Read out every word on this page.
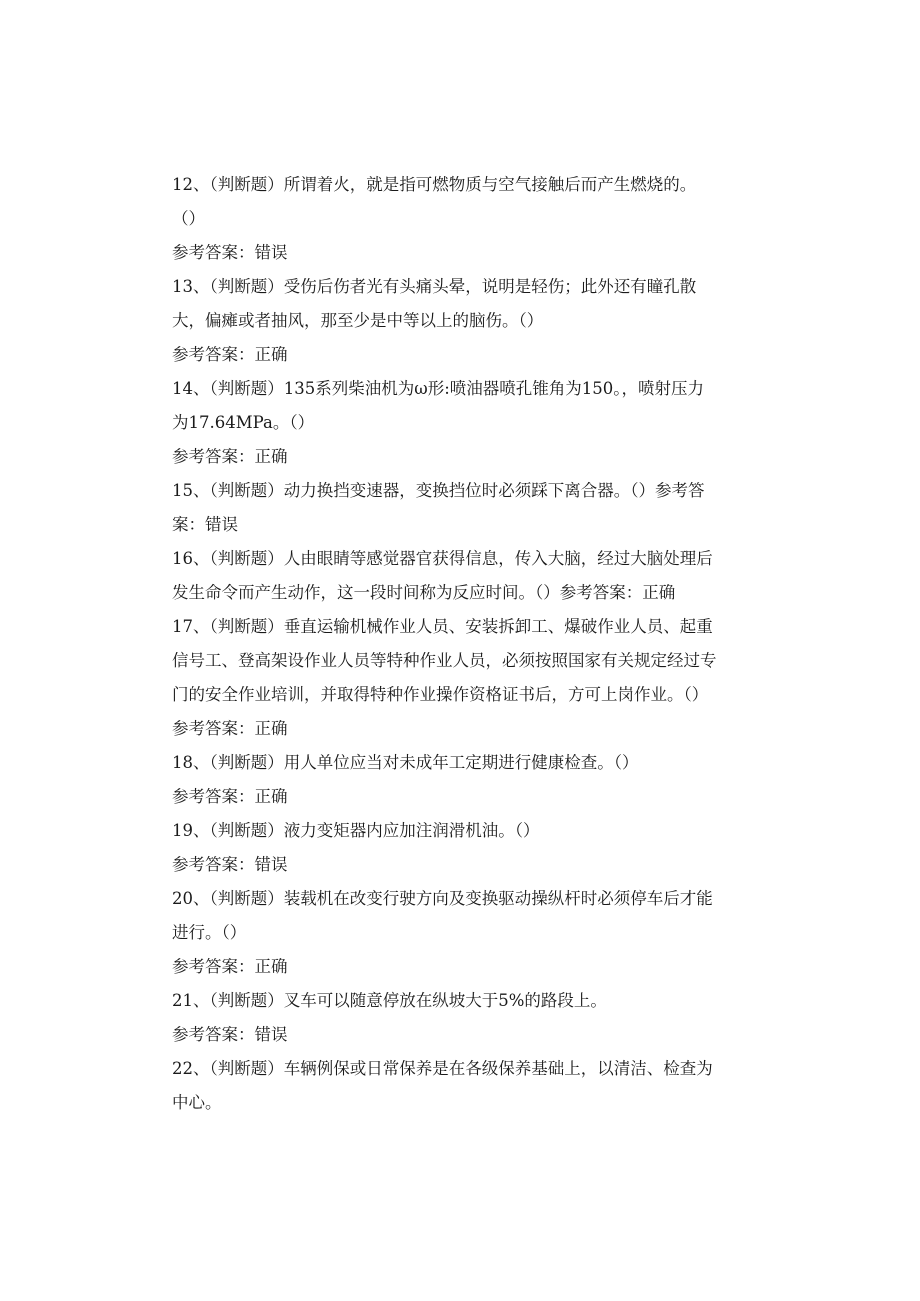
12、（判断题）所谓着火，就是指可燃物质与空气接触后而产生燃烧的。
（）
参考答案：错误
13、（判断题）受伤后伤者光有头痛头晕，说明是轻伤；此外还有瞳孔散
大，偏瘫或者抽风，那至少是中等以上的脑伤。（）
参考答案：正确
14、（判断题）135系列柴油机为ω形:喷油器喷孔锥角为150。，喷射压力
为17.64MPa。（）
参考答案：正确
15、（判断题）动力换挡变速器，变换挡位时必须踩下离合器。（）参考答
案：错误
16、（判断题）人由眼睛等感觉器官获得信息，传入大脑，经过大脑处理后
发生命令而产生动作，这一段时间称为反应时间。（）参考答案：正确
17、（判断题）垂直运输机械作业人员、安装拆卸工、爆破作业人员、起重
信号工、登高架设作业人员等特种作业人员，必须按照国家有关规定经过专
门的安全作业培训，并取得特种作业操作资格证书后，方可上岗作业。（）
参考答案：正确
18、（判断题）用人单位应当对未成年工定期进行健康检查。（）
参考答案：正确
19、（判断题）液力变矩器内应加注润滑机油。（）
参考答案：错误
20、（判断题）装载机在改变行驶方向及变换驱动操纵杆时必须停车后才能
进行。（）
参考答案：正确
21、（判断题）叉车可以随意停放在纵坡大于5%的路段上。
参考答案：错误
22、（判断题）车辆例保或日常保养是在各级保养基础上，以清洁、检查为
中心。
